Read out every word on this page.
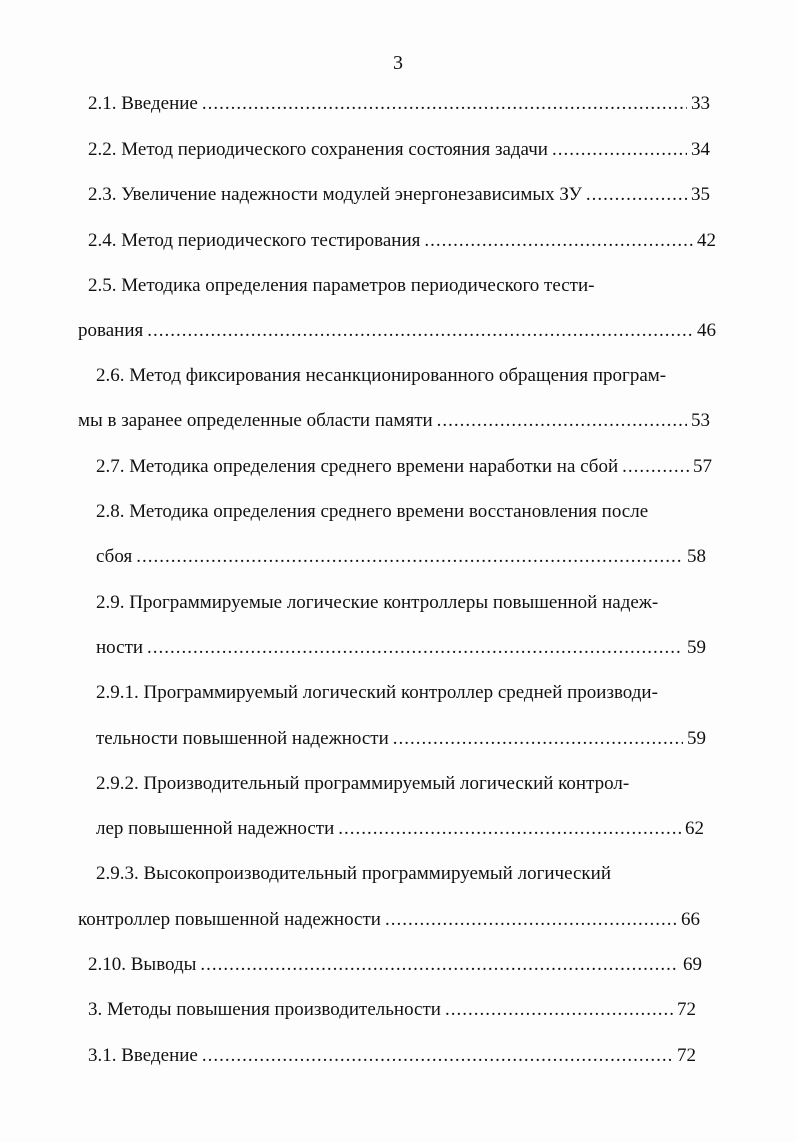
3
2.1. Введение .....	33
2.2. Метод периодического сохранения состояния задачи .....	34
2.3. Увеличение надежности модулей энергонезависимых ЗУ .....	35
2.4. Метод периодического тестирования .....	42
2.5. Методика определения параметров периодического тести-
рования .....	46
2.6. Метод фиксирования несанкционированного обращения програм-
мы в заранее определенные области памяти .....	53
2.7. Методика определения среднего времени наработки на сбой .....	57
2.8. Методика определения среднего времени восстановления после
сбоя .....	58
2.9. Программируемые логические контроллеры повышенной надеж-
ности .....	59
2.9.1. Программируемый логический контроллер средней производи-
тельности повышенной надежности .....	59
2.9.2. Производительный программируемый логический контрол-
лер повышенной надежности .....	62
2.9.3. Высокопроизводительный программируемый логический
контроллер повышенной надежности .....	66
2.10. Выводы .....	69
3. Методы повышения производительности .....	72
3.1. Введение .....	72
